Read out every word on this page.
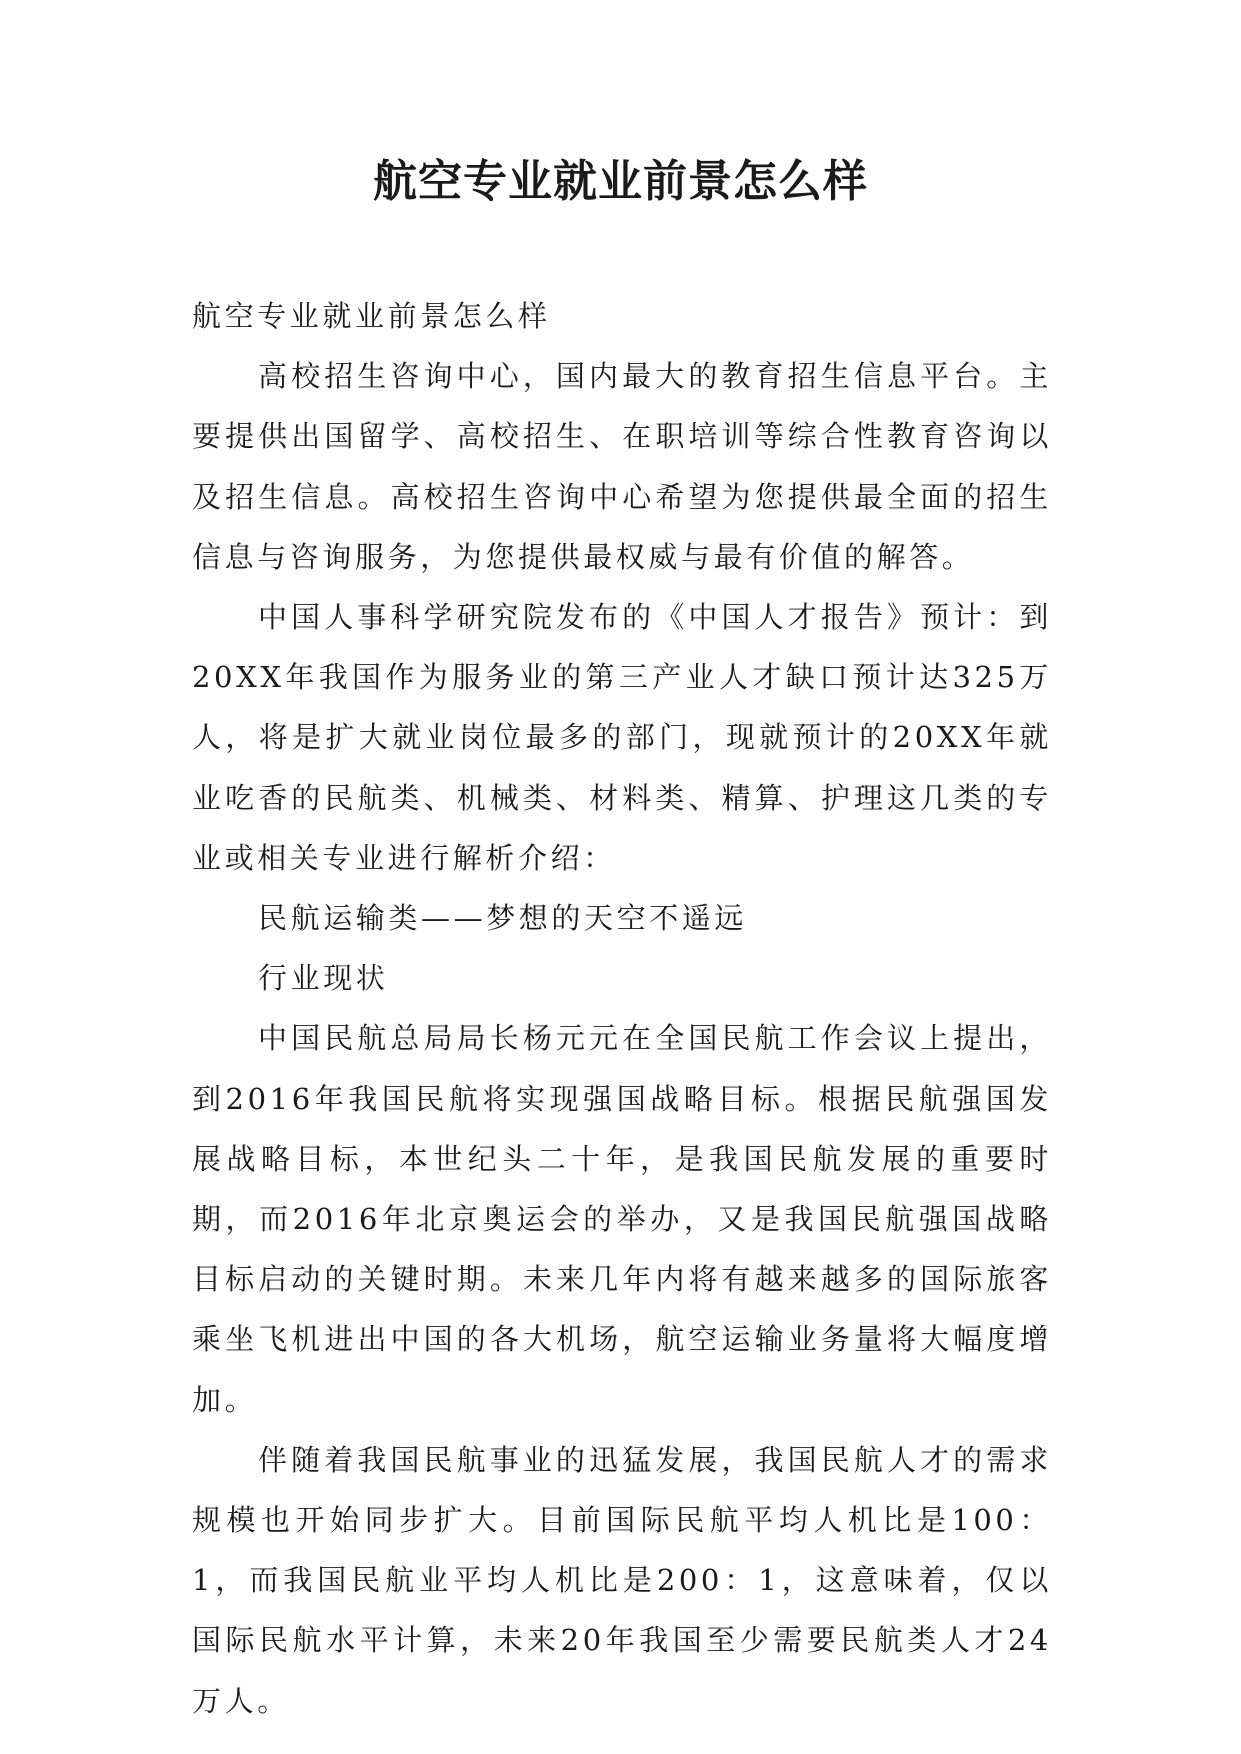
航空专业就业前景怎么样

航空专业就业前景怎么样

高校招生咨询中心，国内最大的教育招生信息平台。主要提供出国留学、高校招生、在职培训等综合性教育咨询以及招生信息。高校招生咨询中心希望为您提供最全面的招生信息与咨询服务，为您提供最权威与最有价值的解答。

中国人事科学研究院发布的《中国人才报告》预计：到20XX年我国作为服务业的第三产业人才缺口预计达325万人，将是扩大就业岗位最多的部门，现就预计的20XX年就业吃香的民航类、机械类、材料类、精算、护理这几类的专业或相关专业进行解析介绍：

民航运输类——梦想的天空不遥远

行业现状

中国民航总局局长杨元元在全国民航工作会议上提出，到2016年我国民航将实现强国战略目标。根据民航强国发展战略目标，本世纪头二十年，是我国民航发展的重要时期，而2016年北京奥运会的举办，又是我国民航强国战略目标启动的关键时期。未来几年内将有越来越多的国际旅客乘坐飞机进出中国的各大机场，航空运输业务量将大幅度增加。

伴随着我国民航事业的迅猛发展，我国民航人才的需求规模也开始同步扩大。目前国际民航平均人机比是100：1，而我国民航业平均人机比是200：1，这意味着，仅以国际民航水平计算，未来20年我国至少需要民航类人才24万人。
